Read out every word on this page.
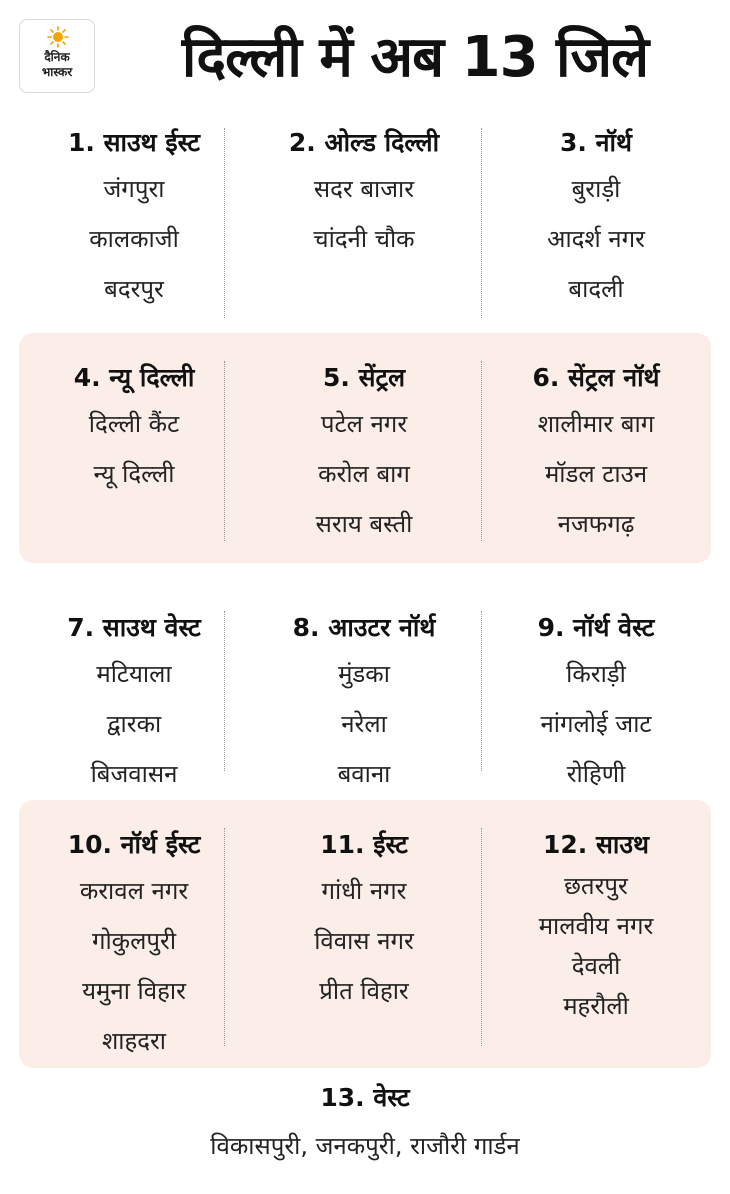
दैनिक
भास्कर	दिल्ली में अब 13 जिले
1. साउथ ईस्ट
जंगपुरा
कालकाजी
बदरपुर
2. ओल्ड दिल्ली
सदर बाजार
चांदनी चौक
3. नॉर्थ
बुराड़ी
आदर्श नगर
बादली
4. न्यू दिल्ली
दिल्ली कैंट
न्यू दिल्ली
5. सेंट्रल
पटेल नगर
करोल बाग
सराय बस्ती
6. सेंट्रल नॉर्थ
शालीमार बाग
मॉडल टाउन
नजफगढ़
7. साउथ वेस्ट
मटियाला
द्वारका
बिजवासन
8. आउटर नॉर्थ
मुंडका
नरेला
बवाना
9. नॉर्थ वेस्ट
किराड़ी
नांगलोई जाट
रोहिणी
10. नॉर्थ ईस्ट
करावल नगर
गोकुलपुरी
यमुना विहार
शाहदरा
11. ईस्ट
गांधी नगर
विवास नगर
प्रीत विहार
12. साउथ
छतरपुर
मालवीय नगर
देवली
महरौली
13. वेस्ट
विकासपुरी, जनकपुरी, राजौरी गार्डन
